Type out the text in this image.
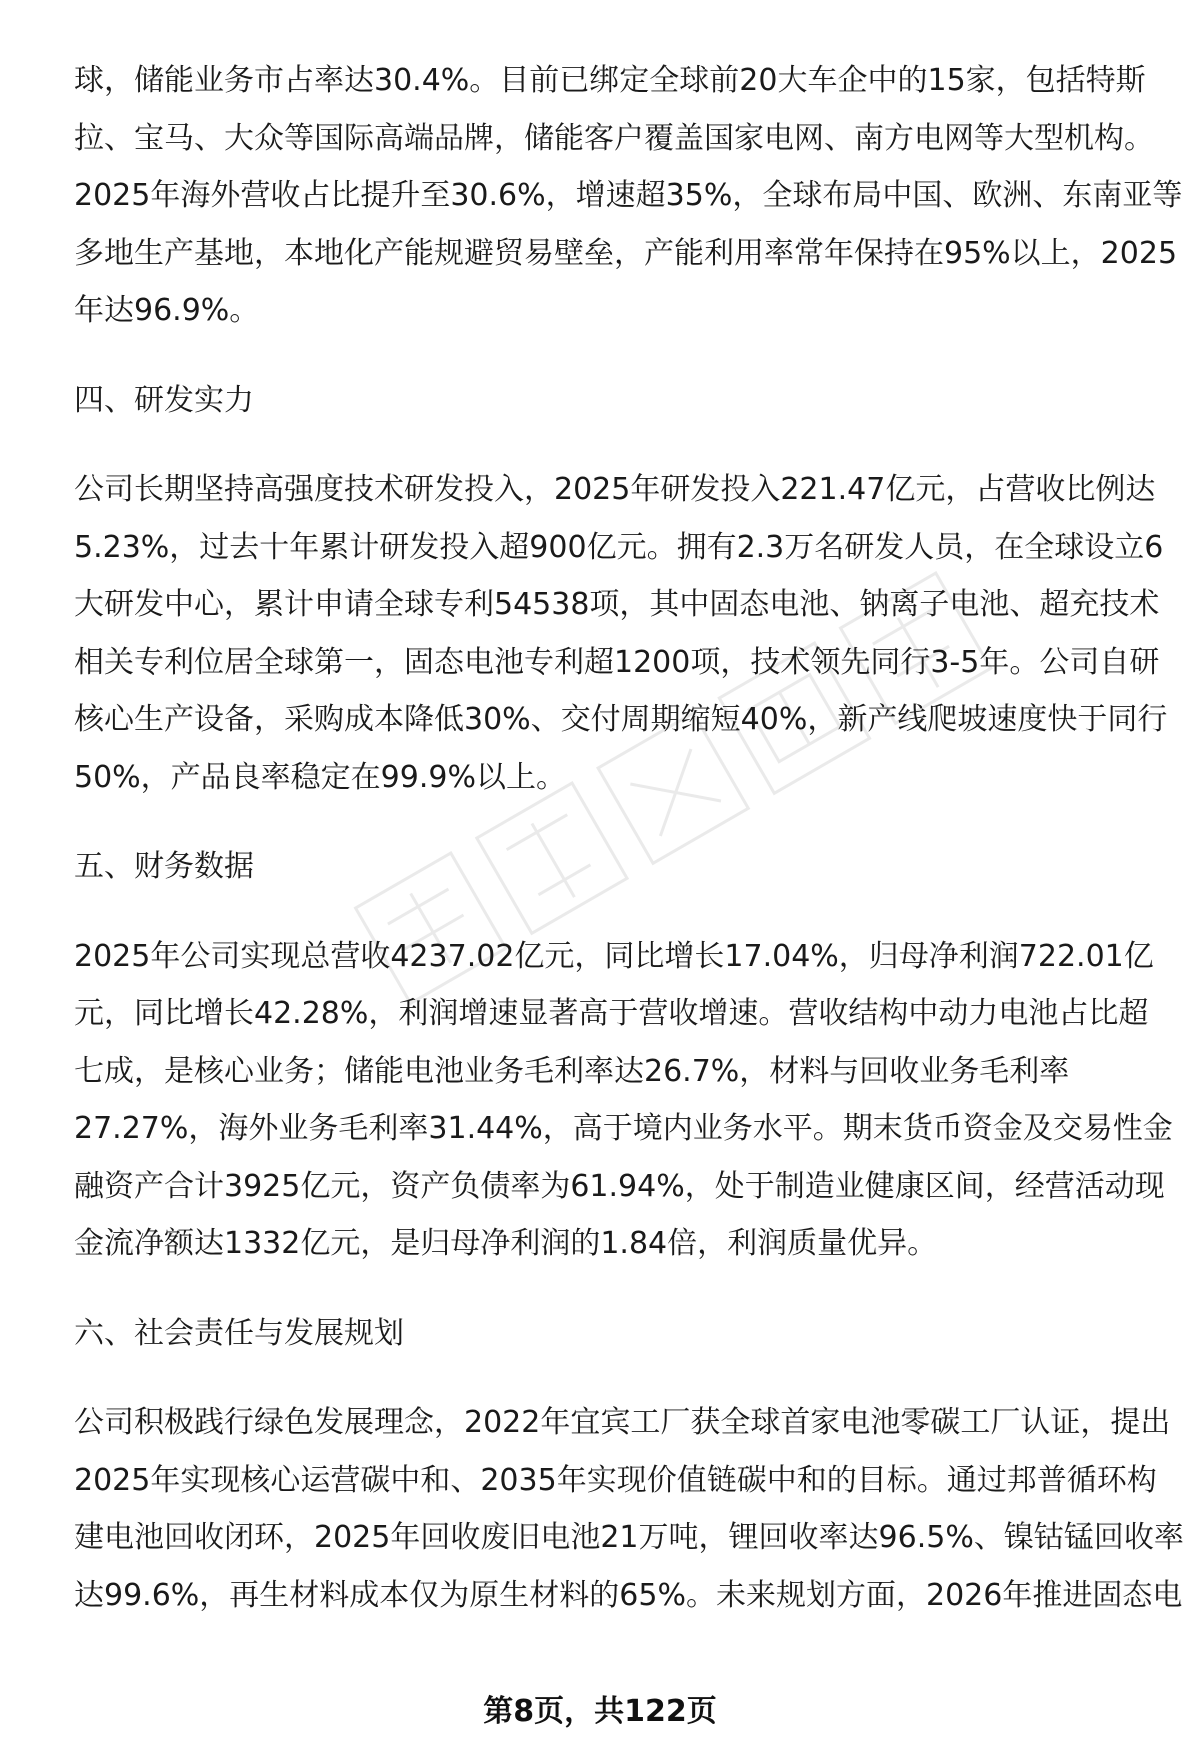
球，储能业务市占率达30.4%。目前已绑定全球前20大车企中的15家，包括特斯
拉、宝马、大众等国际高端品牌，储能客户覆盖国家电网、南方电网等大型机构。
2025年海外营收占比提升至30.6%，增速超35%，全球布局中国、欧洲、东南亚等
多地生产基地，本地化产能规避贸易壁垒，产能利用率常年保持在95%以上，2025
年达96.9%。
四、研发实力
公司长期坚持高强度技术研发投入，2025年研发投入221.47亿元，占营收比例达
5.23%，过去十年累计研发投入超900亿元。拥有2.3万名研发人员，在全球设立6
大研发中心，累计申请全球专利54538项，其中固态电池、钠离子电池、超充技术
相关专利位居全球第一，固态电池专利超1200项，技术领先同行3-5年。公司自研
核心生产设备，采购成本降低30%、交付周期缩短40%，新产线爬坡速度快于同行
50%，产品良率稳定在99.9%以上。
五、财务数据
2025年公司实现总营收4237.02亿元，同比增长17.04%，归母净利润722.01亿
元，同比增长42.28%，利润增速显著高于营收增速。营收结构中动力电池占比超
七成，是核心业务；储能电池业务毛利率达26.7%，材料与回收业务毛利率
27.27%，海外业务毛利率31.44%，高于境内业务水平。期末货币资金及交易性金
融资产合计3925亿元，资产负债率为61.94%，处于制造业健康区间，经营活动现
金流净额达1332亿元，是归母净利润的1.84倍，利润质量优异。
六、社会责任与发展规划
公司积极践行绿色发展理念，2022年宜宾工厂获全球首家电池零碳工厂认证，提出
2025年实现核心运营碳中和、2035年实现价值链碳中和的目标。通过邦普循环构
建电池回收闭环，2025年回收废旧电池21万吨，锂回收率达96.5%、镍钴锰回收率
达99.6%，再生材料成本仅为原生材料的65%。未来规划方面，2026年推进固态电
第8页，共122页
